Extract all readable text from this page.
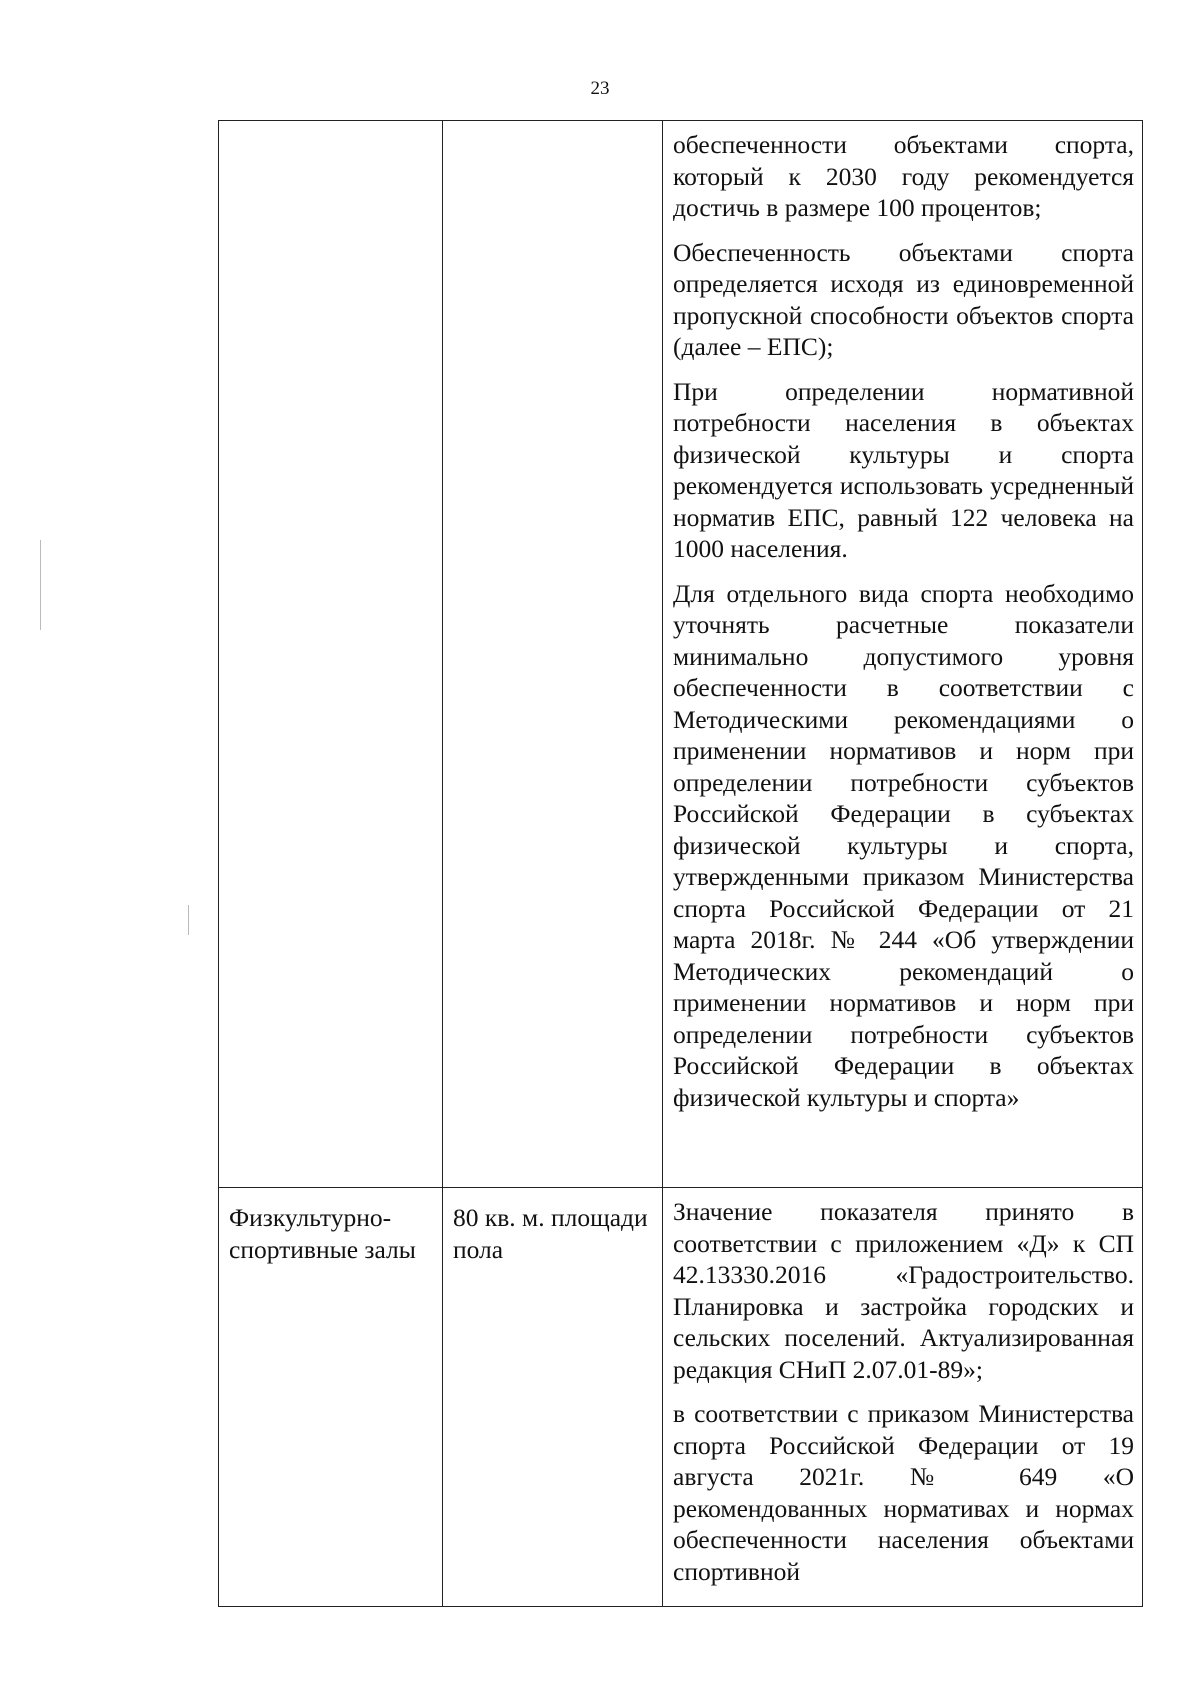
23

		обеспеченности объектами спорта, который к 2030 году рекомендуется достичь в размере 100 процентов;

Обеспеченность объектами спорта определяется исходя из единовременной пропускной способности объектов спорта (далее – ЕПС);

При определении нормативной потребности населения в объектах физической культуры и спорта рекомендуется использовать усредненный норматив ЕПС, равный 122 человека на 1000 населения.

Для отдельного вида спорта необходимо уточнять расчетные показатели минимально допустимого уровня обеспеченности в соответствии с Методическими рекомендациями о применении нормативов и норм при определении потребности субъектов Российской Федерации в субъектах физической культуры и спорта, утвержденными приказом Министерства спорта Российской Федерации от 21 марта 2018г. № 244 «Об утверждении Методических рекомендаций о применении нормативов и норм при определении потребности субъектов Российской Федерации в объектах физической культуры и спорта»

Физкультурно-спортивные залы	80 кв. м. площади пола	Значение показателя принято в соответствии с приложением «Д» к СП 42.13330.2016 «Градостроительство. Планировка и застройка городских и сельских поселений. Актуализированная редакция СНиП 2.07.01-89»;

в соответствии с приказом Министерства спорта Российской Федерации от 19 августа 2021г. № 649 «О рекомендованных нормативах и нормах обеспеченности населения объектами спортивной
